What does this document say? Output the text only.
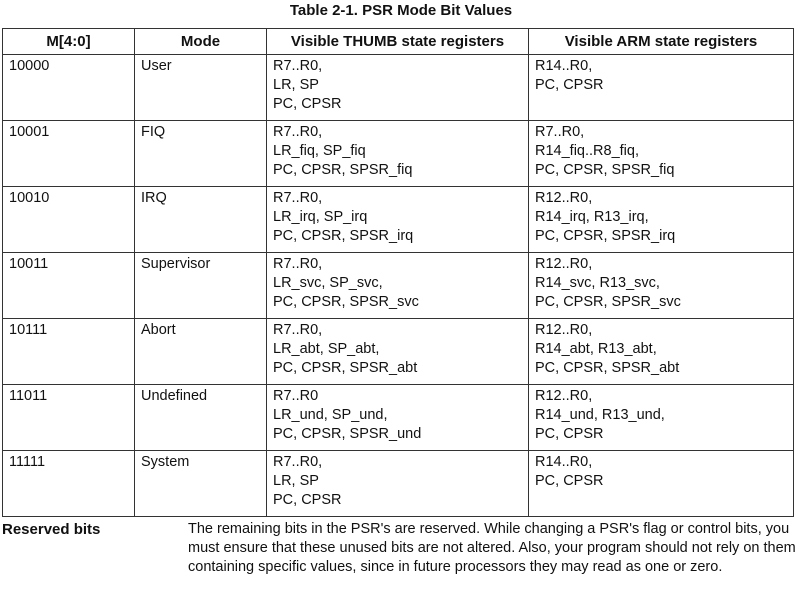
Table 2-1. PSR Mode Bit Values
M[4:0]	Mode	Visible THUMB state registers	Visible ARM state registers
10000	User	R7..R0,
LR, SP
PC, CPSR	R14..R0,
PC, CPSR

10001	FIQ	R7..R0,
LR_fiq, SP_fiq
PC, CPSR, SPSR_fiq	R7..R0,
R14_fiq..R8_fiq,
PC, CPSR, SPSR_fiq

10010	IRQ	R7..R0,
LR_irq, SP_irq
PC, CPSR, SPSR_irq	R12..R0,
R14_irq, R13_irq,
PC, CPSR, SPSR_irq

10011	Supervisor	R7..R0,
LR_svc, SP_svc,
PC, CPSR, SPSR_svc	R12..R0,
R14_svc, R13_svc,
PC, CPSR, SPSR_svc

10111	Abort	R7..R0,
LR_abt, SP_abt,
PC, CPSR, SPSR_abt	R12..R0,
R14_abt, R13_abt,
PC, CPSR, SPSR_abt

11011	Undefined	R7..R0
LR_und, SP_und,
PC, CPSR, SPSR_und	R12..R0,
R14_und, R13_und,
PC, CPSR

11111	System	R7..R0,
LR, SP
PC, CPSR	R14..R0,
PC, CPSR
Reserved bits	The remaining bits in the PSR's are reserved. While changing a PSR's flag or control bits, you must ensure that these unused bits are not altered. Also, your program should not rely on them containing specific values, since in future processors they may read as one or zero.
